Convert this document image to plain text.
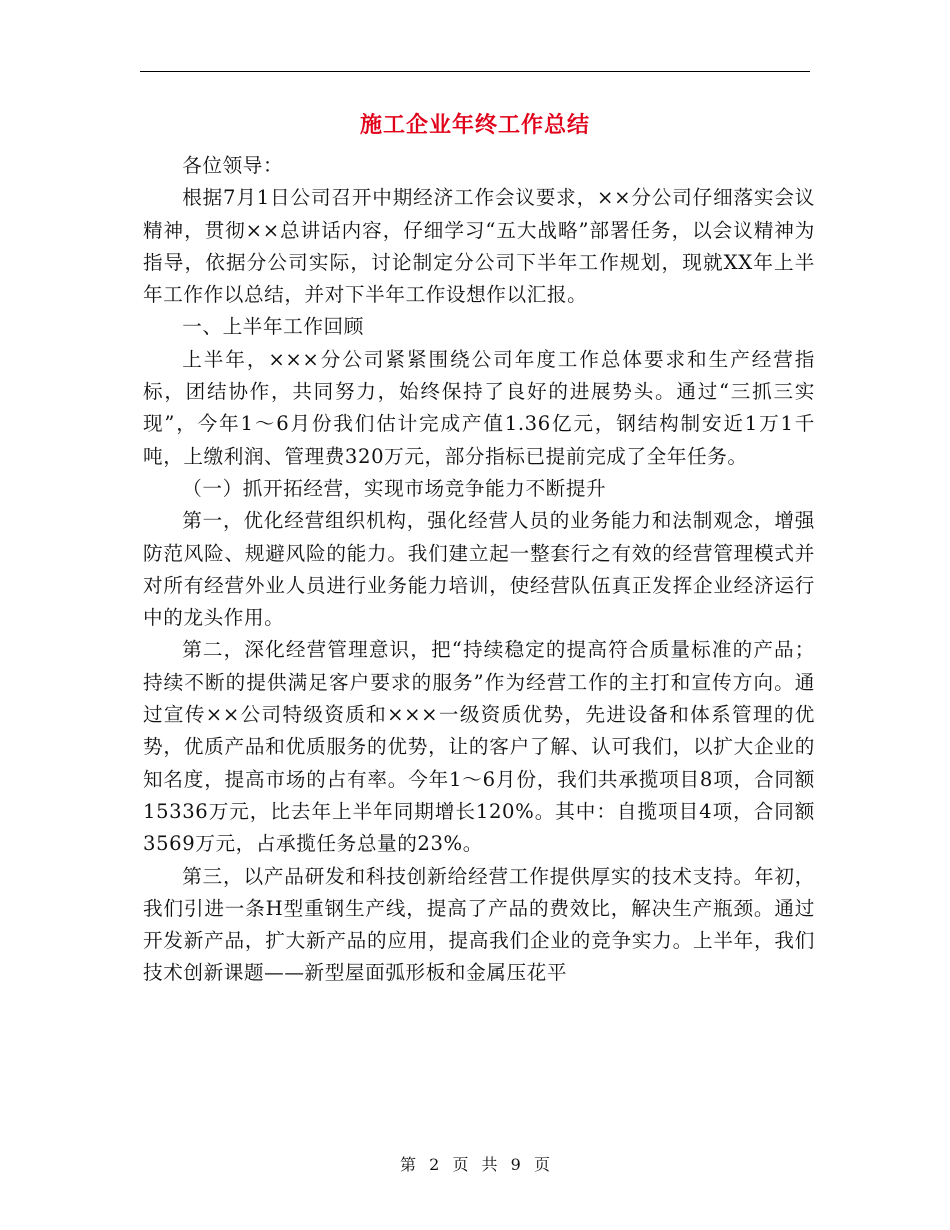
施工企业年终工作总结

各位领导：

根据7月1日公司召开中期经济工作会议要求，××分公司仔细落实会议精神，贯彻××总讲话内容，仔细学习“五大战略”部署任务，以会议精神为指导，依据分公司实际，讨论制定分公司下半年工作规划，现就XX年上半年工作作以总结，并对下半年工作设想作以汇报。

一、上半年工作回顾

上半年，×××分公司紧紧围绕公司年度工作总体要求和生产经营指标，团结协作，共同努力，始终保持了良好的进展势头。通过“三抓三实现”，今年1～6月份我们估计完成产值1.36亿元，钢结构制安近1万1千吨，上缴利润、管理费320万元，部分指标已提前完成了全年任务。

（一）抓开拓经营，实现市场竞争能力不断提升

第一，优化经营组织机构，强化经营人员的业务能力和法制观念，增强防范风险、规避风险的能力。我们建立起一整套行之有效的经营管理模式并对所有经营外业人员进行业务能力培训，使经营队伍真正发挥企业经济运行中的龙头作用。

第二，深化经营管理意识，把“持续稳定的提高符合质量标准的产品；持续不断的提供满足客户要求的服务”作为经营工作的主打和宣传方向。通过宣传××公司特级资质和×××一级资质优势，先进设备和体系管理的优势，优质产品和优质服务的优势，让的客户了解、认可我们，以扩大企业的知名度，提高市场的占有率。今年1～6月份，我们共承揽项目8项，合同额15336万元，比去年上半年同期增长120%。其中：自揽项目4项，合同额3569万元，占承揽任务总量的23%。

第三，以产品研发和科技创新给经营工作提供厚实的技术支持。年初，我们引进一条H型重钢生产线，提高了产品的费效比，解决生产瓶颈。通过开发新产品，扩大新产品的应用，提高我们企业的竞争实力。上半年，我们技术创新课题——新型屋面弧形板和金属压花平

第 2 页 共 9 页
